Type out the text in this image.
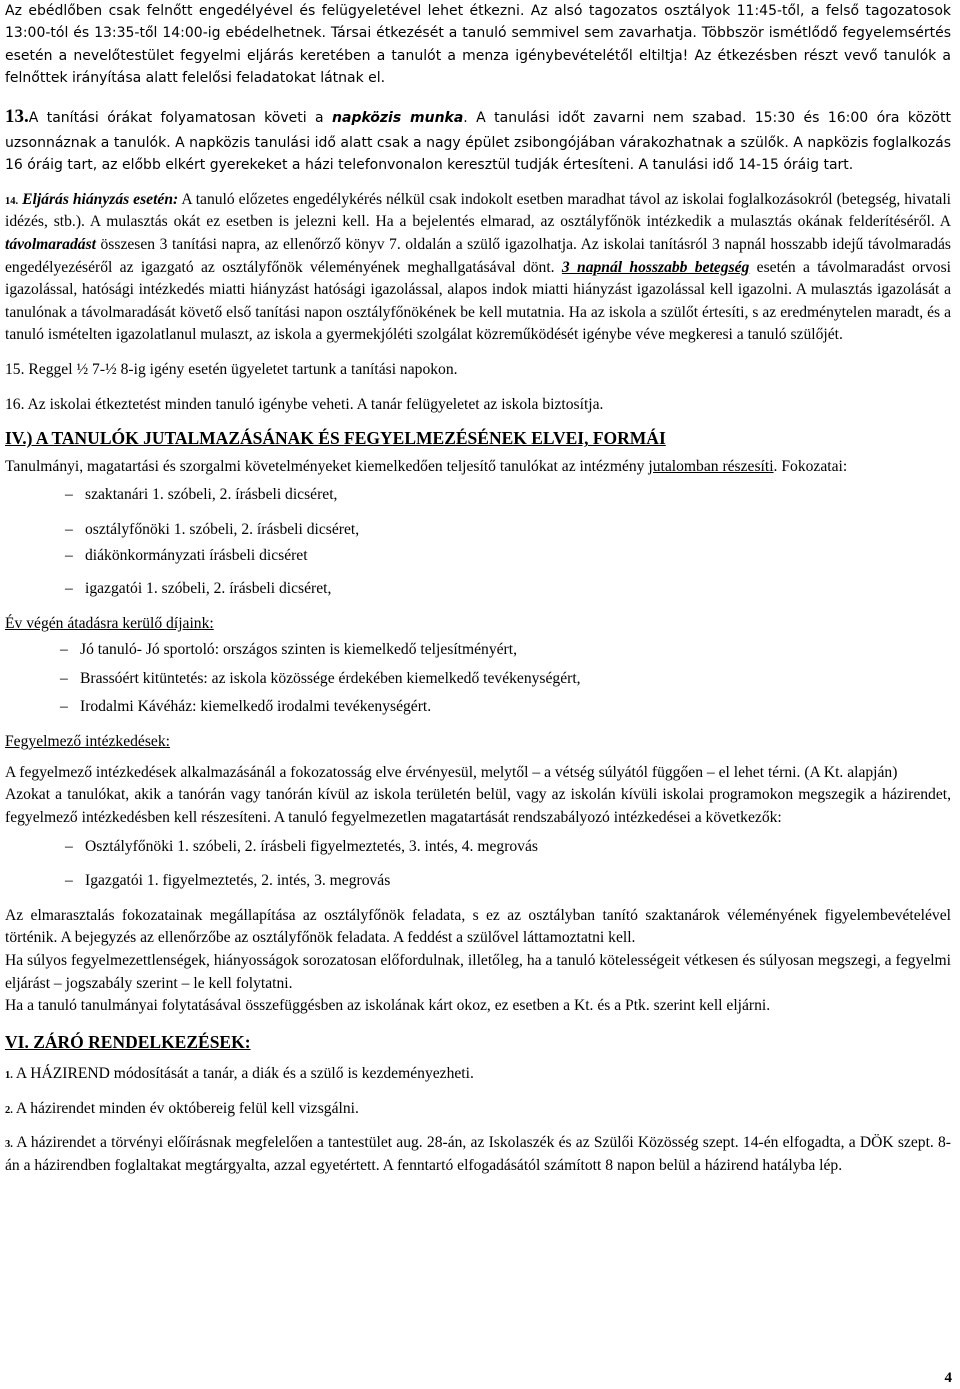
Az ebédlőben csak felnőtt engedélyével és felügyeletével lehet étkezni. Az alsó tagozatos osztályok 11:45-től, a felső tagozatosok 13:00-tól és 13:35-től 14:00-ig ebédelhetnek. Társai étkezését a tanuló semmivel sem zavarhatja. Többször ismétlődő fegyelemsértés esetén a nevelőtestület fegyelmi eljárás keretében a tanulót a menza igénybevételétől eltiltja! Az étkezésben részt vevő tanulók a felnőttek irányítása alatt felelősi feladatokat látnak el.

13.A tanítási órákat folyamatosan követi a napközis munka. A tanulási időt zavarni nem szabad. 15:30 és 16:00 óra között uzsonnáznak a tanulók. A napközis tanulási idő alatt csak a nagy épület zsibongójában várakozhatnak a szülők. A napközis foglalkozás 16 óráig tart, az előbb elkért gyerekeket a házi telefonvonalon keresztül tudják értesíteni. A tanulási idő 14-15 óráig tart.

14. Eljárás hiányzás esetén: A tanuló előzetes engedélykérés nélkül csak indokolt esetben maradhat távol az iskolai foglalkozásokról (betegség, hivatali idézés, stb.). A mulasztás okát ez esetben is jelezni kell. Ha a bejelentés elmarad, az osztályfőnök intézkedik a mulasztás okának felderítéséről. A távolmaradást összesen 3 tanítási napra, az ellenőrző könyv 7. oldalán a szülő igazolhatja. Az iskolai tanításról 3 napnál hosszabb idejű távolmaradás engedélyezéséről az igazgató az osztályfőnök véleményének meghallgatásával dönt. 3 napnál hosszabb betegség esetén a távolmaradást orvosi igazolással, hatósági intézkedés miatti hiányzást hatósági igazolással, alapos indok miatti hiányzást igazolással kell igazolni. A mulasztás igazolását a tanulónak a távolmaradását követő első tanítási napon osztályfőnökének be kell mutatnia. Ha az iskola a szülőt értesíti, s az eredménytelen maradt, és a tanuló ismételten igazolatlanul mulaszt, az iskola a gyermekjóléti szolgálat közreműködését igénybe véve megkeresi a tanuló szülőjét.

15. Reggel ½ 7-½ 8-ig igény esetén ügyeletet tartunk a tanítási napokon.

16. Az iskolai étkeztetést minden tanuló igénybe veheti. A tanár felügyeletet az iskola biztosítja.

IV.) A TANULÓK JUTALMAZÁSÁNAK ÉS FEGYELMEZÉSÉNEK ELVEI, FORMÁI

Tanulmányi, magatartási és szorgalmi követelményeket kiemelkedően teljesítő tanulókat az intézmény jutalomban részesíti. Fokozatai:

– szaktanári 1. szóbeli, 2. írásbeli dicséret,
– osztályfőnöki 1. szóbeli, 2. írásbeli dicséret,
– diákönkormányzati írásbeli dicséret
– igazgatói 1. szóbeli, 2. írásbeli dicséret,

Év végén átadásra kerülő díjaink:

– Jó tanuló- Jó sportoló: országos szinten is kiemelkedő teljesítményért,
– Brassóért kitüntetés: az iskola közössége érdekében kiemelkedő tevékenységért,
– Irodalmi Kávéház: kiemelkedő irodalmi tevékenységért.

Fegyelmező intézkedések:

A fegyelmező intézkedések alkalmazásánál a fokozatosság elve érvényesül, melytől – a vétség súlyától függően – el lehet térni. (A Kt. alapján)

Azokat a tanulókat, akik a tanórán vagy tanórán kívül az iskola területén belül, vagy az iskolán kívüli iskolai programokon megszegik a házirendet, fegyelmező intézkedésben kell részesíteni. A tanuló fegyelmezetlen magatartását rendszabályozó intézkedései a következők:

– Osztályfőnöki 1. szóbeli, 2. írásbeli figyelmeztetés, 3. intés, 4. megrovás
– Igazgatói 1. figyelmeztetés, 2. intés, 3. megrovás

Az elmarasztalás fokozatainak megállapítása az osztályfőnök feladata, s ez az osztályban tanító szaktanárok véleményének figyelembevételével történik. A bejegyzés az ellenőrzőbe az osztályfőnök feladata. A feddést a szülővel láttamoztatni kell.

Ha súlyos fegyelmezettlenségek, hiányosságok sorozatosan előfordulnak, illetőleg, ha a tanuló kötelességeit vétkesen és súlyosan megszegi, a fegyelmi eljárást – jogszabály szerint – le kell folytatni.

Ha a tanuló tanulmányai folytatásával összefüggésben az iskolának kárt okoz, ez esetben a Kt. és a Ptk. szerint kell eljárni.

VI. ZÁRÓ RENDELKEZÉSEK:

1. A HÁZIREND módosítását a tanár, a diák és a szülő is kezdeményezheti.

2. A házirendet minden év októbereig felül kell vizsgálni.

3. A házirendet a törvényi előírásnak megfelelően a tantestület aug. 28-án, az Iskolaszék és az Szülői Közösség szept. 14-én elfogadta, a DÖK szept. 8-án a házirendben foglaltakat megtárgyalta, azzal egyetértett. A fenntartó elfogadásától számított 8 napon belül a házirend hatályba lép.

4
